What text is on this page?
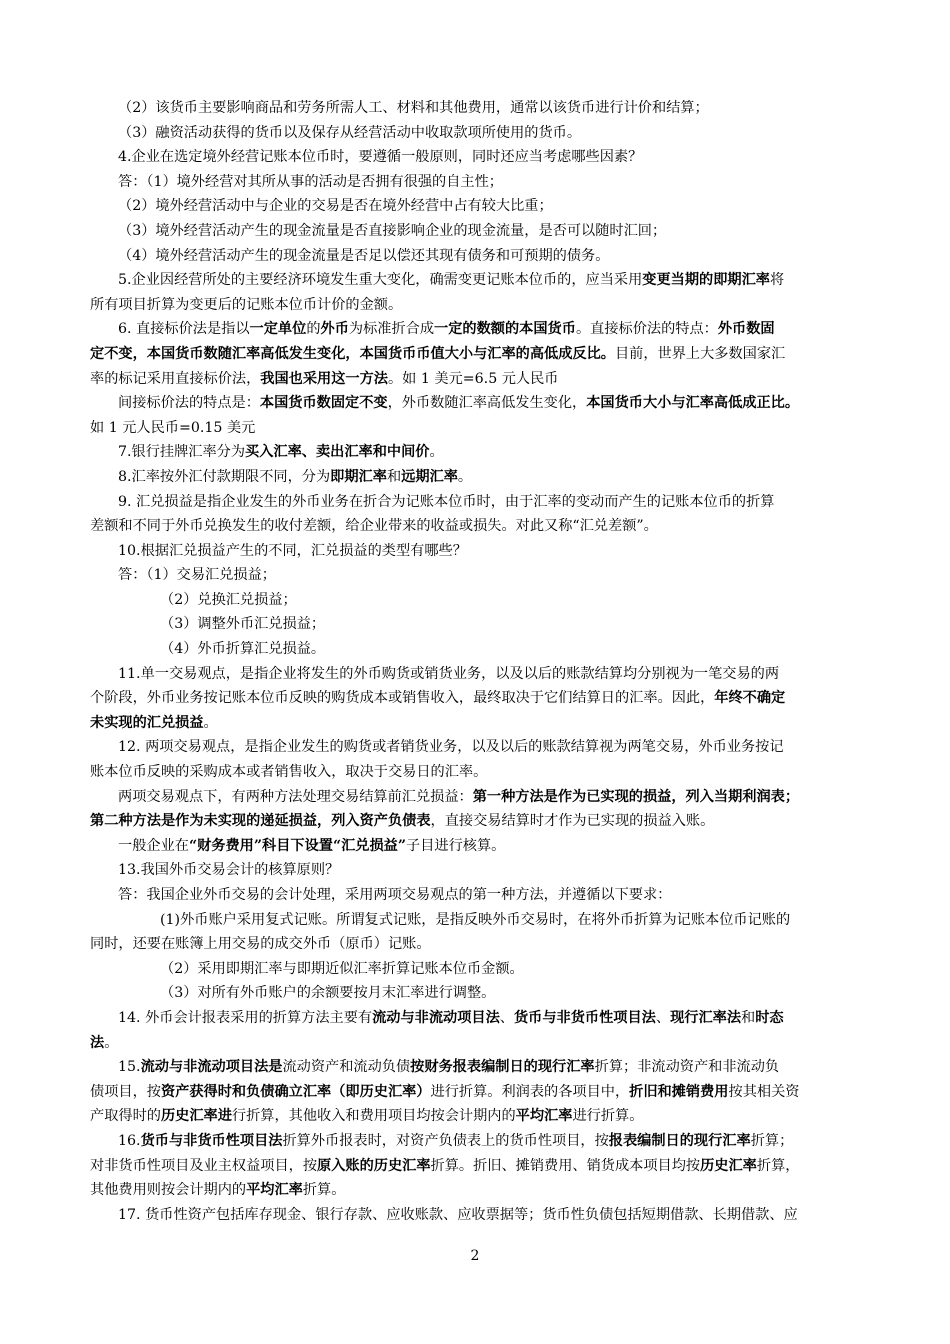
（2）该货币主要影响商品和劳务所需人工、材料和其他费用，通常以该货币进行计价和结算；
（3）融资活动获得的货币以及保存从经营活动中收取款项所使用的货币。
4.企业在选定境外经营记账本位币时，要遵循一般原则，同时还应当考虑哪些因素？
答：（1）境外经营对其所从事的活动是否拥有很强的自主性；
（2）境外经营活动中与企业的交易是否在境外经营中占有较大比重；
（3）境外经营活动产生的现金流量是否直接影响企业的现金流量，是否可以随时汇回；
（4）境外经营活动产生的现金流量是否足以偿还其现有债务和可预期的债务。
5.企业因经营所处的主要经济环境发生重大变化，确需变更记账本位币的，应当采用变更当期的即期汇率将
所有项目折算为变更后的记账本位币计价的金额。
6. 直接标价法是指以一定单位的外币为标准折合成一定的数额的本国货币。直接标价法的特点：外币数固
定不变，本国货币数随汇率高低发生变化，本国货币币值大小与汇率的高低成反比。目前，世界上大多数国家汇
率的标记采用直接标价法，我国也采用这一方法。如 1 美元=6.5 元人民币
间接标价法的特点是：本国货币数固定不变，外币数随汇率高低发生变化，本国货币大小与汇率高低成正比。
如 1 元人民币=0.15 美元
7.银行挂牌汇率分为买入汇率、卖出汇率和中间价。
8.汇率按外汇付款期限不同，分为即期汇率和远期汇率。
9. 汇兑损益是指企业发生的外币业务在折合为记账本位币时，由于汇率的变动而产生的记账本位币的折算
差额和不同于外币兑换发生的收付差额，给企业带来的收益或损失。对此又称“汇兑差额”。
10.根据汇兑损益产生的不同，汇兑损益的类型有哪些？
答：（1）交易汇兑损益；
（2）兑换汇兑损益；
（3）调整外币汇兑损益；
（4）外币折算汇兑损益。
11.单一交易观点，是指企业将发生的外币购货或销货业务，以及以后的账款结算均分别视为一笔交易的两
个阶段，外币业务按记账本位币反映的购货成本或销售收入，最终取决于它们结算日的汇率。因此，年终不确定
未实现的汇兑损益。
12. 两项交易观点，是指企业发生的购货或者销货业务，以及以后的账款结算视为两笔交易，外币业务按记
账本位币反映的采购成本或者销售收入，取决于交易日的汇率。
两项交易观点下，有两种方法处理交易结算前汇兑损益：第一种方法是作为已实现的损益，列入当期利润表；
第二种方法是作为未实现的递延损益，列入资产负债表，直接交易结算时才作为已实现的损益入账。
一般企业在“财务费用”科目下设置“汇兑损益”子目进行核算。
13.我国外币交易会计的核算原则？
答：我国企业外币交易的会计处理，采用两项交易观点的第一种方法，并遵循以下要求：
(1)外币账户采用复式记账。所谓复式记账，是指反映外币交易时，在将外币折算为记账本位币记账的
同时，还要在账簿上用交易的成交外币（原币）记账。
（2）采用即期汇率与即期近似汇率折算记账本位币金额。
（3）对所有外币账户的余额要按月末汇率进行调整。
14. 外币会计报表采用的折算方法主要有流动与非流动项目法、货币与非货币性项目法、现行汇率法和时态
法。
15.流动与非流动项目法是流动资产和流动负债按财务报表编制日的现行汇率折算；非流动资产和非流动负
债项目，按资产获得时和负债确立汇率（即历史汇率）进行折算。利润表的各项目中，折旧和摊销费用按其相关资
产取得时的历史汇率进行折算，其他收入和费用项目均按会计期内的平均汇率进行折算。
16.货币与非货币性项目法折算外币报表时，对资产负债表上的货币性项目，按报表编制日的现行汇率折算；
对非货币性项目及业主权益项目，按原入账的历史汇率折算。折旧、摊销费用、销货成本项目均按历史汇率折算，
其他费用则按会计期内的平均汇率折算。
17. 货币性资产包括库存现金、银行存款、应收账款、应收票据等；货币性负债包括短期借款、长期借款、应
2
